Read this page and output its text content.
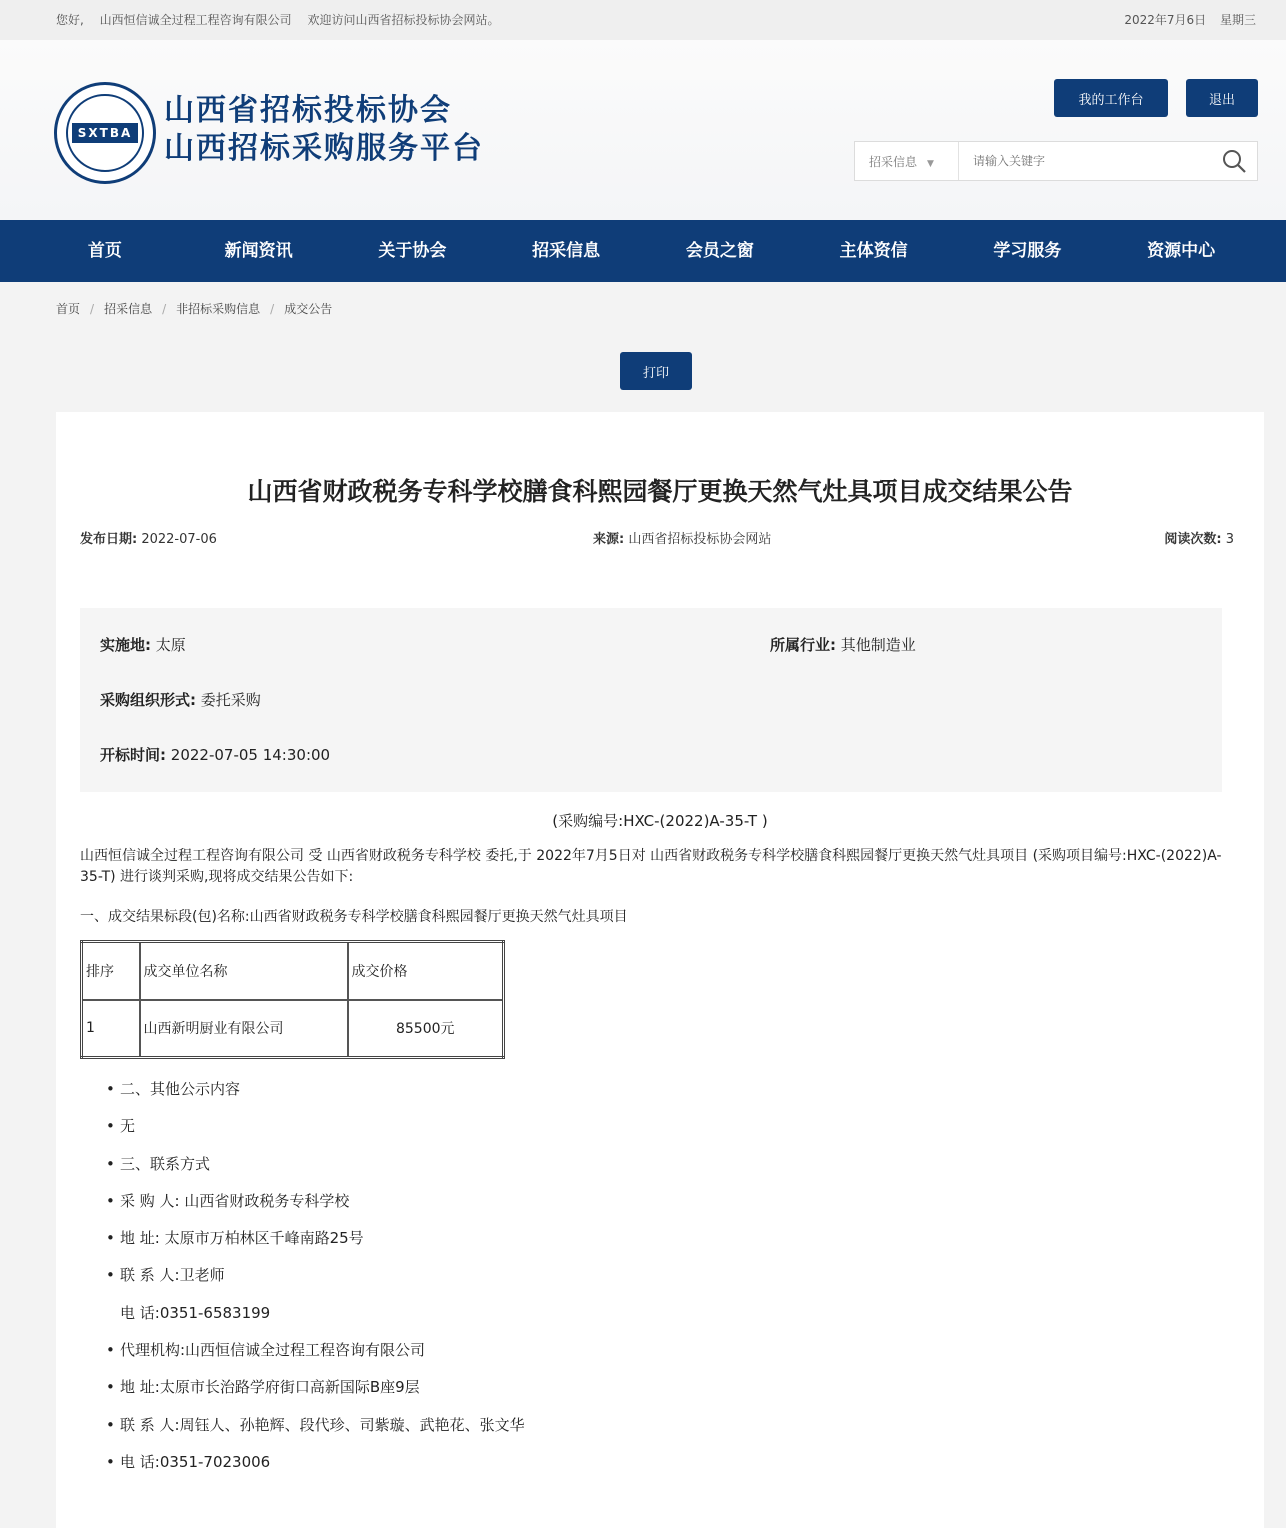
您好, 山西恒信诚全过程工程咨询有限公司 欢迎访问山西省招标投标协会网站。	2022年7月6日 星期三
SXTBA
山西省招标投标协会
山西招标采购服务平台
我的工作台	退出
招采信息 ▼
请输入关键字
首页	新闻资讯	关于协会	招采信息	会员之窗	主体资信	学习服务	资源中心
首页 / 招采信息 / 非招标采购信息 / 成交公告
打印
山西省财政税务专科学校膳食科熙园餐厅更换天然气灶具项目成交结果公告
发布日期: 2022-07-06	来源: 山西省招标投标协会网站	阅读次数: 3
实施地: 太原	所属行业: 其他制造业
采购组织形式: 委托采购
开标时间: 2022-07-05 14:30:00
(采购编号:HXC-(2022)A-35-T )
山西恒信诚全过程工程咨询有限公司 受 山西省财政税务专科学校 委托,于 2022年7月5日对 山西省财政税务专科学校膳食科熙园餐厅更换天然气灶具项目 (采购项目编号:HXC-(2022)A-35-T) 进行谈判采购,现将成交结果公告如下:
一、成交结果标段(包)名称:山西省财政税务专科学校膳食科熙园餐厅更换天然气灶具项目
排序	成交单位名称	成交价格
1	山西新明厨业有限公司	85500元
• 二、其他公示内容
• 无
• 三、联系方式
• 采 购 人: 山西省财政税务专科学校
• 地 址: 太原市万柏林区千峰南路25号
• 联 系 人:卫老师
电 话:0351-6583199
• 代理机构:山西恒信诚全过程工程咨询有限公司
• 地 址:太原市长治路学府街口高新国际B座9层
• 联 系 人:周钰人、孙艳辉、段代珍、司紫璇、武艳花、张文华
• 电 话:0351-7023006
